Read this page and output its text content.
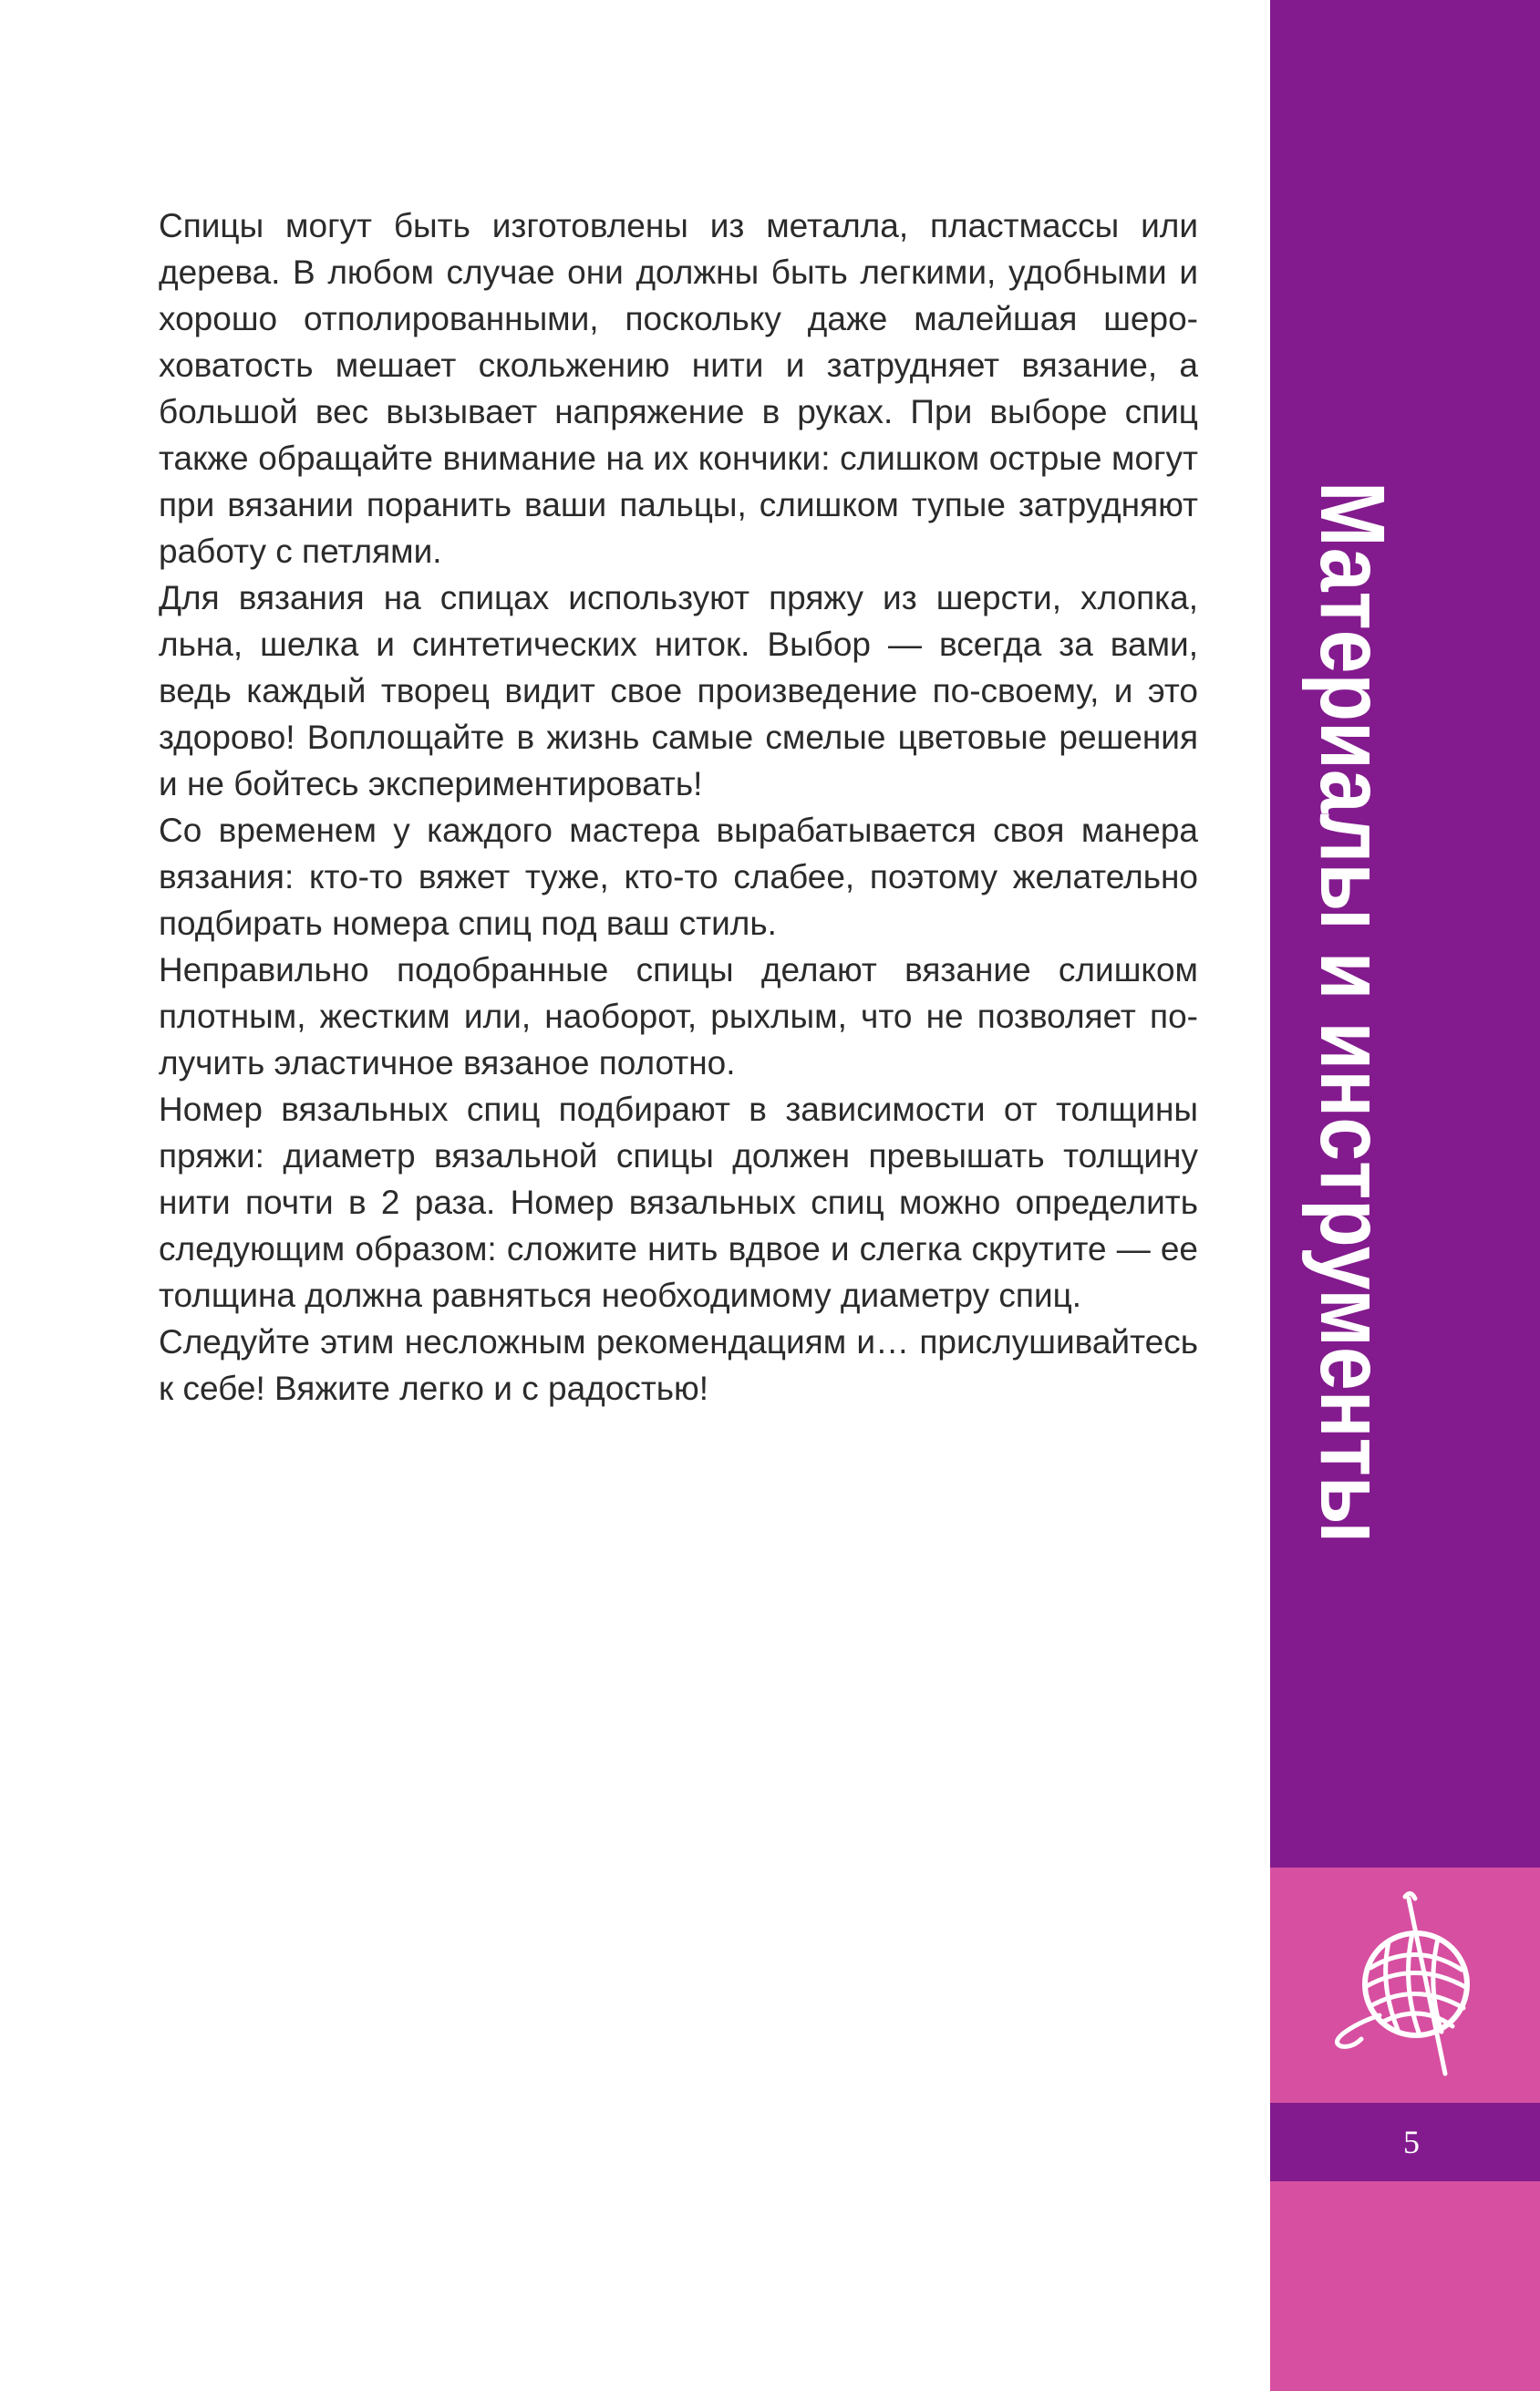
Спицы могут быть изготовлены из металла, пластмассы или дерева. В любом случае они должны быть легкими, удобными и хорошо отполированными, поскольку даже малейшая шероховатость мешает скольжению нити и затрудняет вязание, а большой вес вызывает напряжение в руках. При выборе спиц также обращайте внимание на их кончики: слишком острые могут при вязании поранить ваши пальцы, слишком тупые затрудняют работу с петлями.

Для вязания на спицах используют пряжу из шерсти, хлопка, льна, шелка и синтетических ниток. Выбор — всегда за вами, ведь каждый творец видит свое произведение по-своему, и это здорово! Воплощайте в жизнь самые смелые цветовые решения и не бойтесь экспериментировать!

Со временем у каждого мастера вырабатывается своя манера вязания: кто-то вяжет туже, кто-то слабее, поэтому желательно подбирать номера спиц под ваш стиль.

Неправильно подобранные спицы делают вязание слишком плотным, жестким или, наоборот, рыхлым, что не позволяет получить эластичное вязаное полотно.

Номер вязальных спиц подбирают в зависимости от толщины пряжи: диаметр вязальной спицы должен превышать толщину нити почти в 2 раза. Номер вязальных спиц можно определить следующим образом: сложите нить вдвое и слегка скрутите — ее толщина должна равняться необходимому диаметру спиц.

Следуйте этим несложным рекомендациям и… прислушивайтесь к себе! Вяжите легко и с радостью!	Материалы и инструменты
5
